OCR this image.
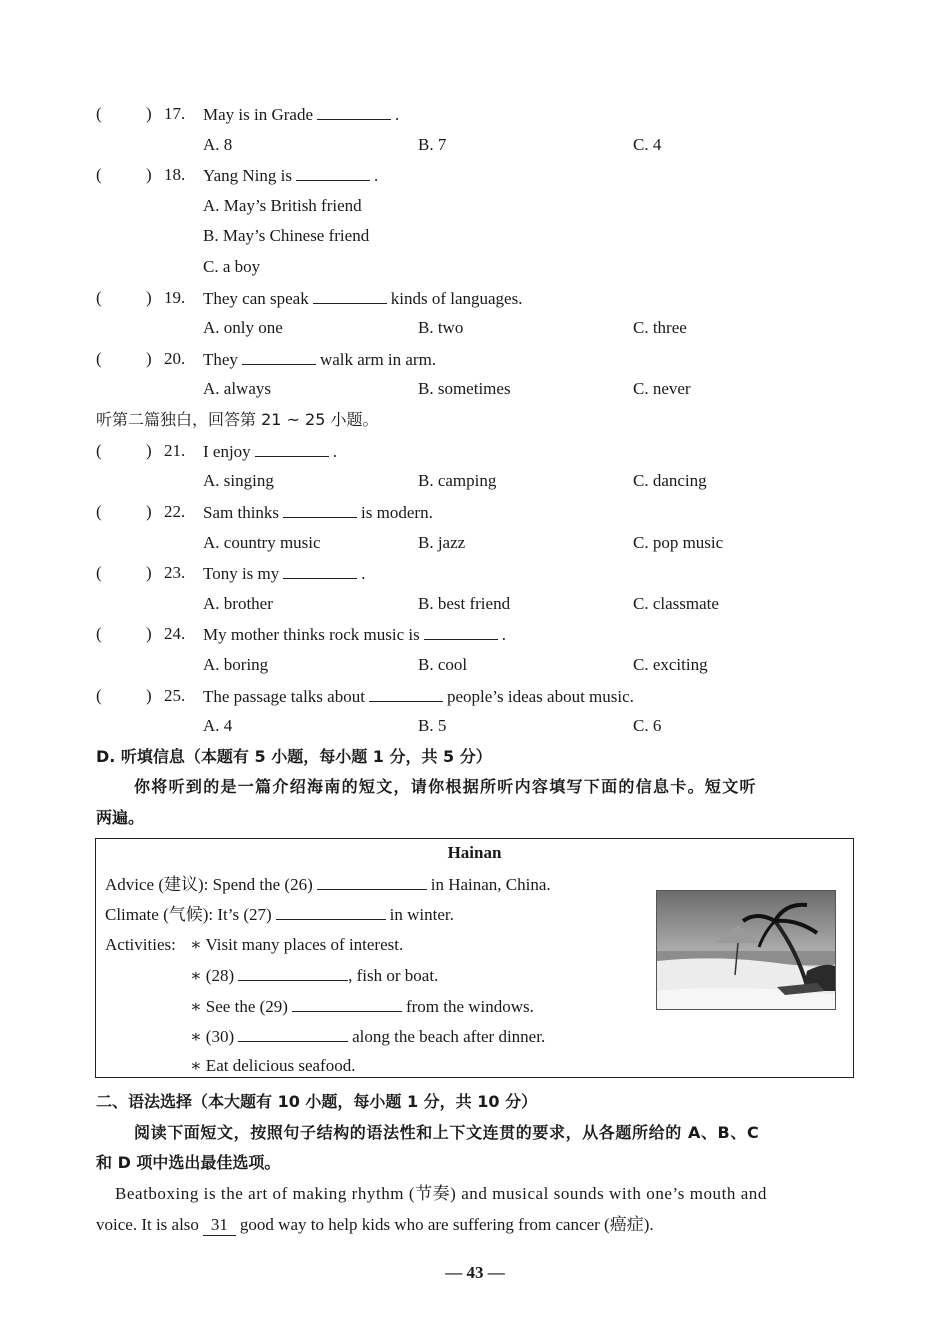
(	) 17. May is in Grade	.
A. 8	B. 7	C. 4
(	) 18. Yang Ning is	.
A. May’s British friend
B. May’s Chinese friend
C. a boy
(	) 19. They can speak	kinds of languages.
A. only one	B. two	C. three
(	) 20. They	walk arm in arm.
A. always	B. sometimes	C. never
听第二篇独白，回答第 21 ~ 25 小题。
(	) 21. I enjoy	.
A. singing	B. camping	C. dancing
(	) 22. Sam thinks	is modern.
A. country music	B. jazz	C. pop music
(	) 23. Tony is my	.
A. brother	B. best friend	C. classmate
(	) 24. My mother thinks rock music is	.
A. boring	B. cool	C. exciting
(	) 25. The passage talks about	people’s ideas about music.
A. 4	B. 5	C. 6
D. 听填信息（本题有 5 小题，每小题 1 分，共 5 分）
你将听到的是一篇介绍海南的短文，请你根据所听内容填写下面的信息卡。短文听
两遍。
Hainan
Advice (建议): Spend the (26)	in Hainan, China.
Climate (气候): It’s (27)	in winter.
Activities: ∗ Visit many places of interest.
∗ (28)	, fish or boat.
∗ See the (29)	from the windows.
∗ (30)	along the beach after dinner.
∗ Eat delicious seafood.
二、语法选择（本大题有 10 小题，每小题 1 分，共 10 分）
阅读下面短文，按照句子结构的语法性和上下文连贯的要求，从各题所给的 A、B、C
和 D 项中选出最佳选项。
Beatboxing is the art of making rhythm (节奏) and musical sounds with one’s mouth and
voice. It is also 31 good way to help kids who are suffering from cancer (癌症).
— 43 —
